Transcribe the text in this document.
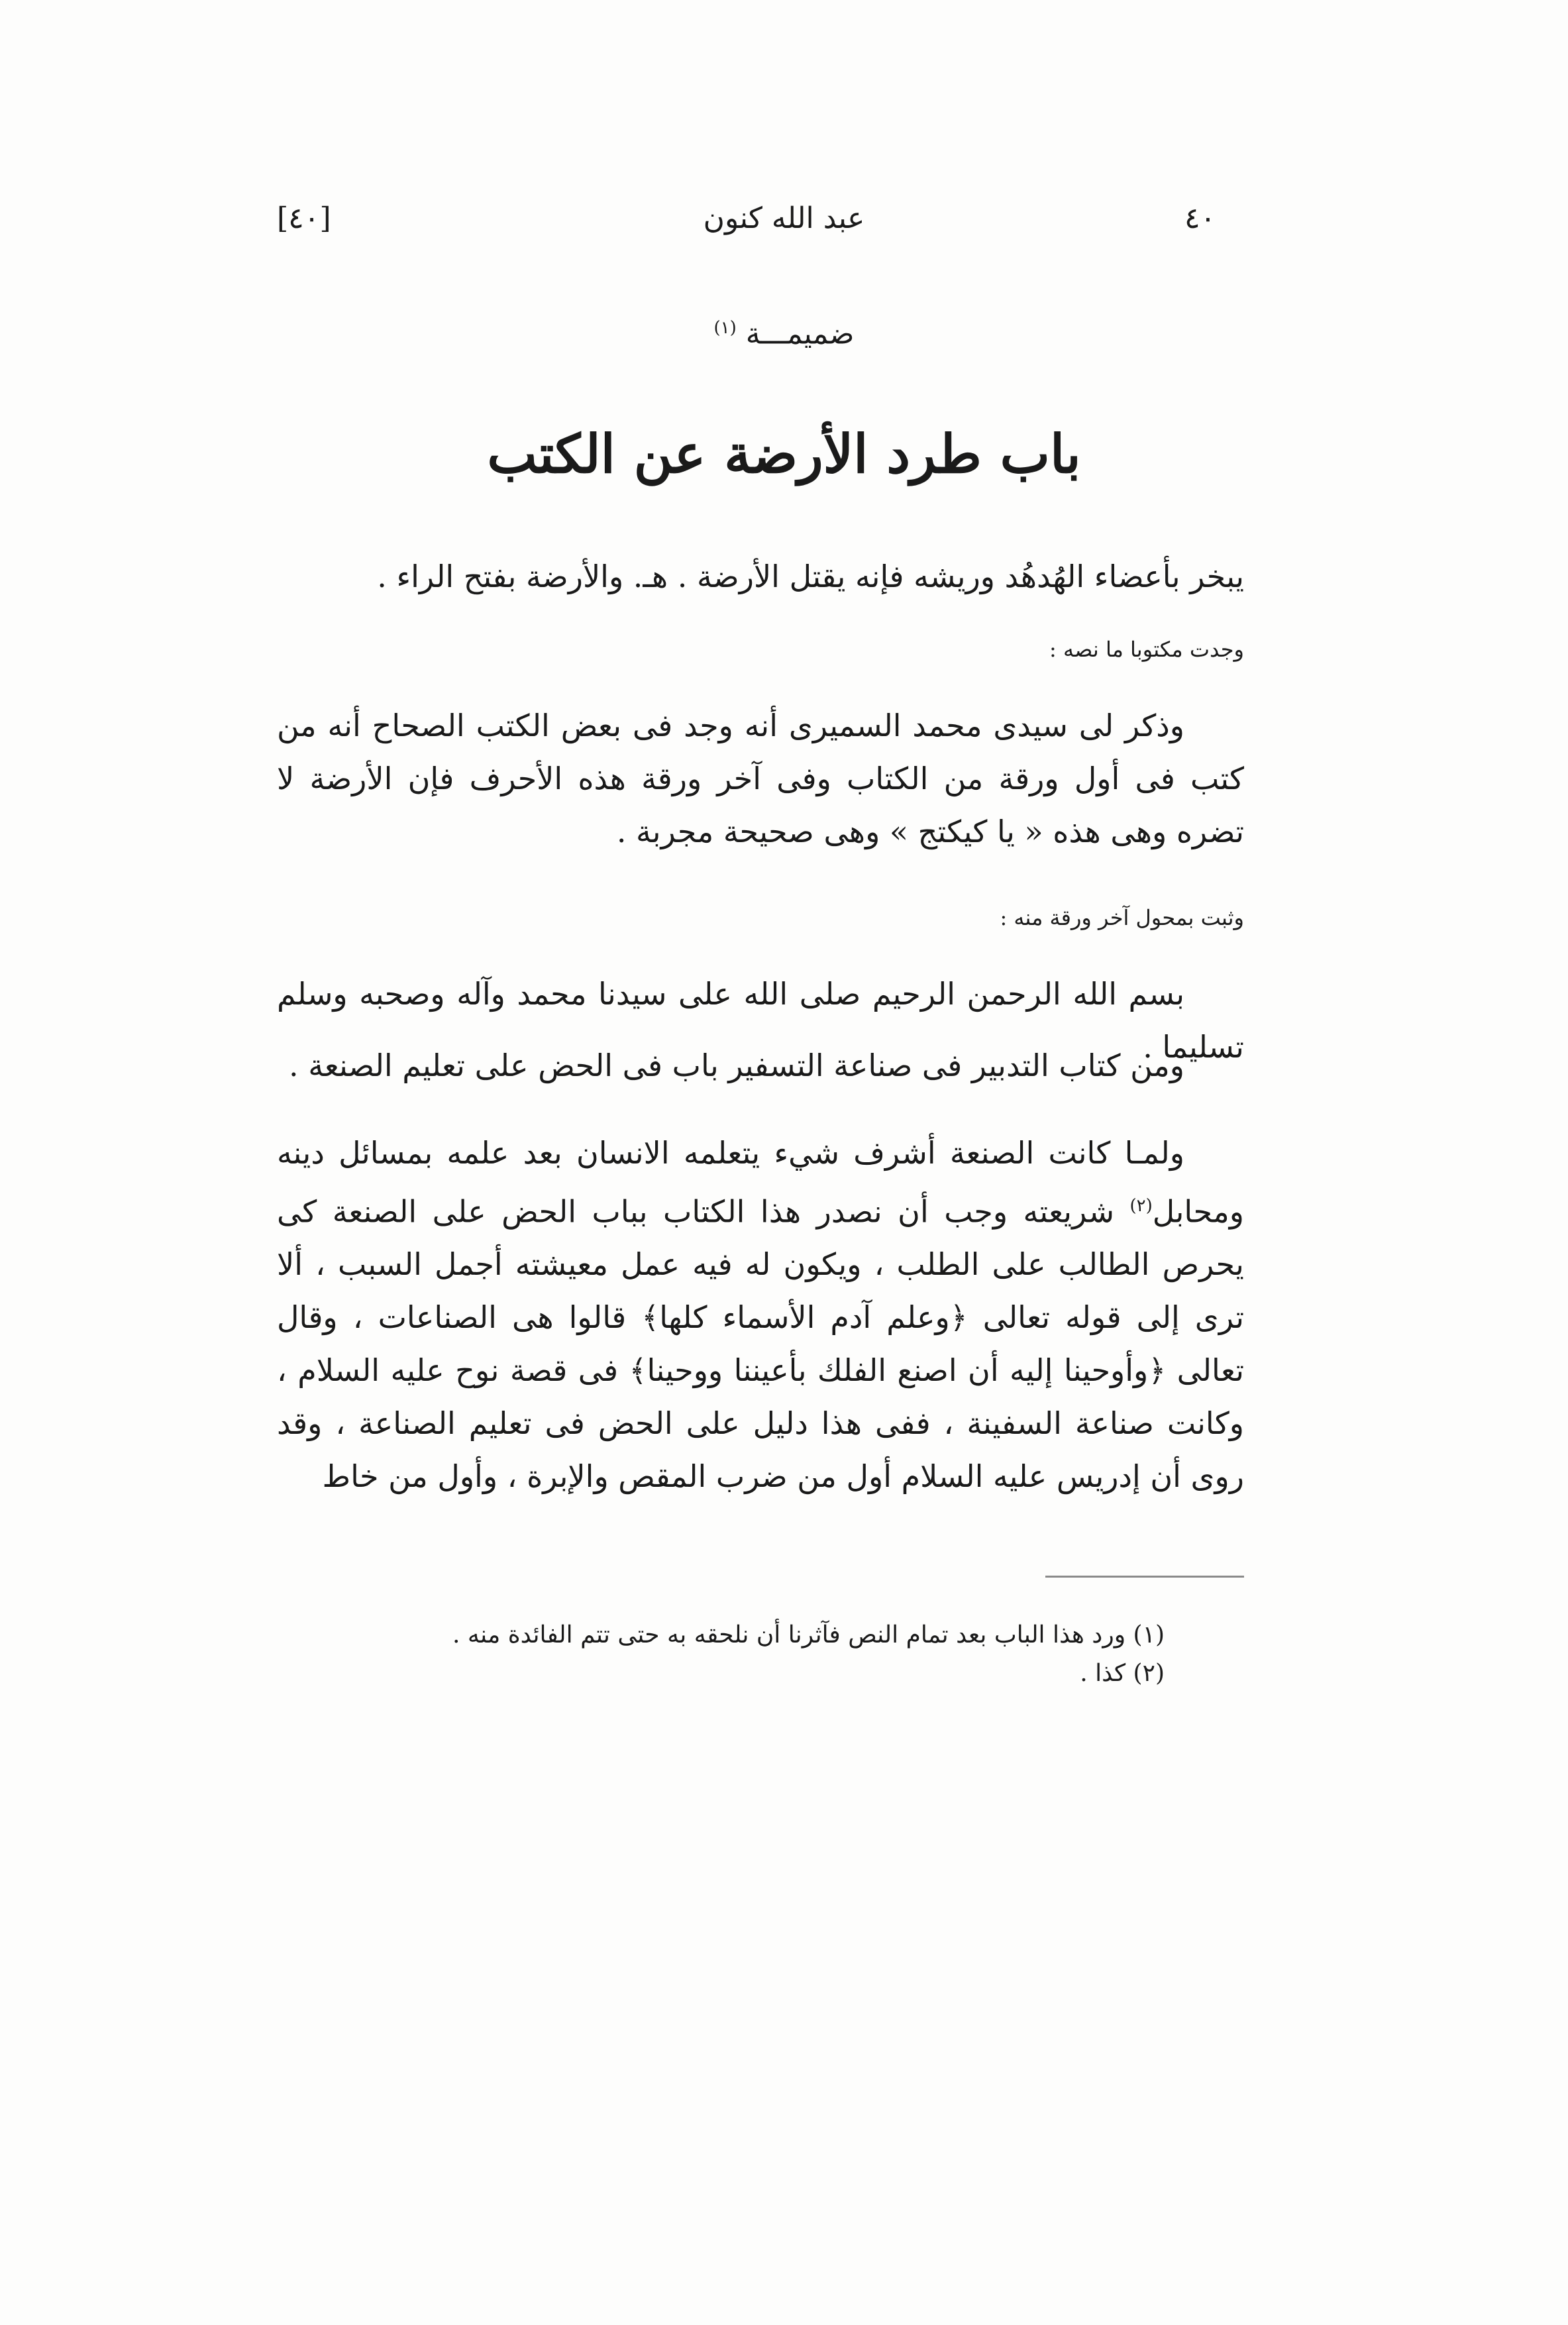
[٤٠]	عبد الله كنون	٤٠
ضميمـــة $^{(١)}$
باب طرد الأرضة عن الكتب
يبخر بأعضاء الهُدهُد وريشه فإنه يقتل الأرضة . هـ. والأرضة بفتح الراء .
وجدت مكتوبا ما نصه :
وذكر لى سيدى محمد السميرى أنه وجد فى بعض الكتب الصحاح أنه من كتب فى أول ورقة من الكتاب وفى آخر ورقة هذه الأحرف فإن الأرضة لا تضره وهى هذه « يا كيكتج » وهى صحيحة مجربة .
وثبت بمحول آخر ورقة منه :
بسم الله الرحمن الرحيم صلى الله على سيدنا محمد وآله وصحبه وسلم تسليما .
ومن كتاب التدبير فى صناعة التسفير باب فى الحض على تعليم الصنعة .
ولمـا كانت الصنعة أشرف شيء يتعلمه الانسان بعد علمه بمسائل دينه ومحابل$^{(٢)}$ شريعته وجب أن نصدر هذا الكتاب بباب الحض على الصنعة كى يحرص الطالب على الطلب ، ويكون له فيه عمل معيشته أجمل السبب ، ألا ترى إلى قوله تعالى ﴿وعلم آدم الأسماء كلها﴾ قالوا هى الصناعات ، وقال تعالى ﴿وأوحينا إليه أن اصنع الفلك بأعيننا ووحينا﴾ فى قصة نوح عليه السلام ، وكانت صناعة السفينة ، ففى هذا دليل على الحض فى تعليم الصناعة ، وقد روى أن إدريس عليه السلام أول من ضرب المقص والإبرة ، وأول من خاط
(١) ورد هذا الباب بعد تمام النص فآثرنا أن نلحقه به حتى تتم الفائدة منه .
(٢) كذا .
